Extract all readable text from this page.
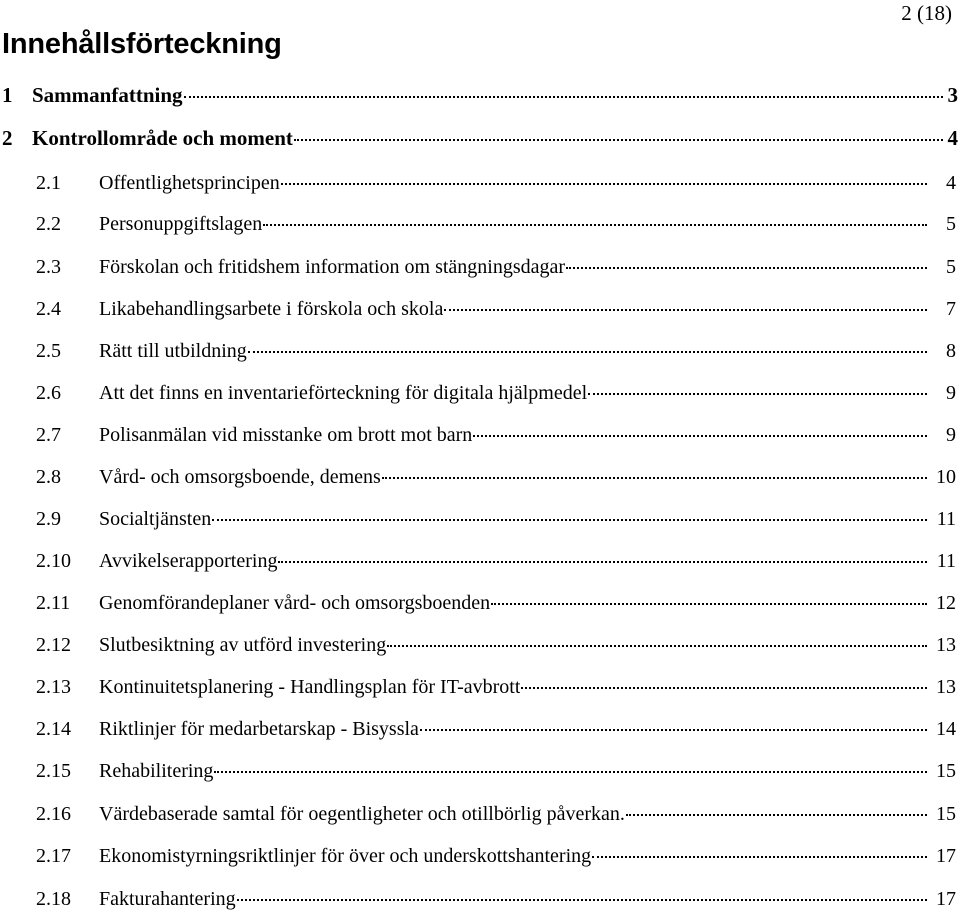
2 (18)
Innehållsförteckning
1 Sammanfattning	3
2 Kontrollområde och moment	4
2.1	Offentlighetsprincipen	4
2.2	Personuppgiftslagen	5
2.3	Förskolan och fritidshem information om stängningsdagar	5
2.4	Likabehandlingsarbete i förskola och skola	7
2.5	Rätt till utbildning	8
2.6	Att det finns en inventarieförteckning för digitala hjälpmedel	9
2.7	Polisanmälan vid misstanke om brott mot barn	9
2.8	Vård- och omsorgsboende, demens	10
2.9	Socialtjänsten	11
2.10	Avvikelserapportering	11
2.11	Genomförandeplaner vård- och omsorgsboenden	12
2.12	Slutbesiktning av utförd investering	13
2.13	Kontinuitetsplanering - Handlingsplan för IT-avbrott	13
2.14	Riktlinjer för medarbetarskap - Bisyssla	14
2.15	Rehabilitering	15
2.16	Värdebaserade samtal för oegentligheter och otillbörlig påverkan.	15
2.17	Ekonomistyrningsriktlinjer för över och underskottshantering	17
2.18	Fakturahantering	17
